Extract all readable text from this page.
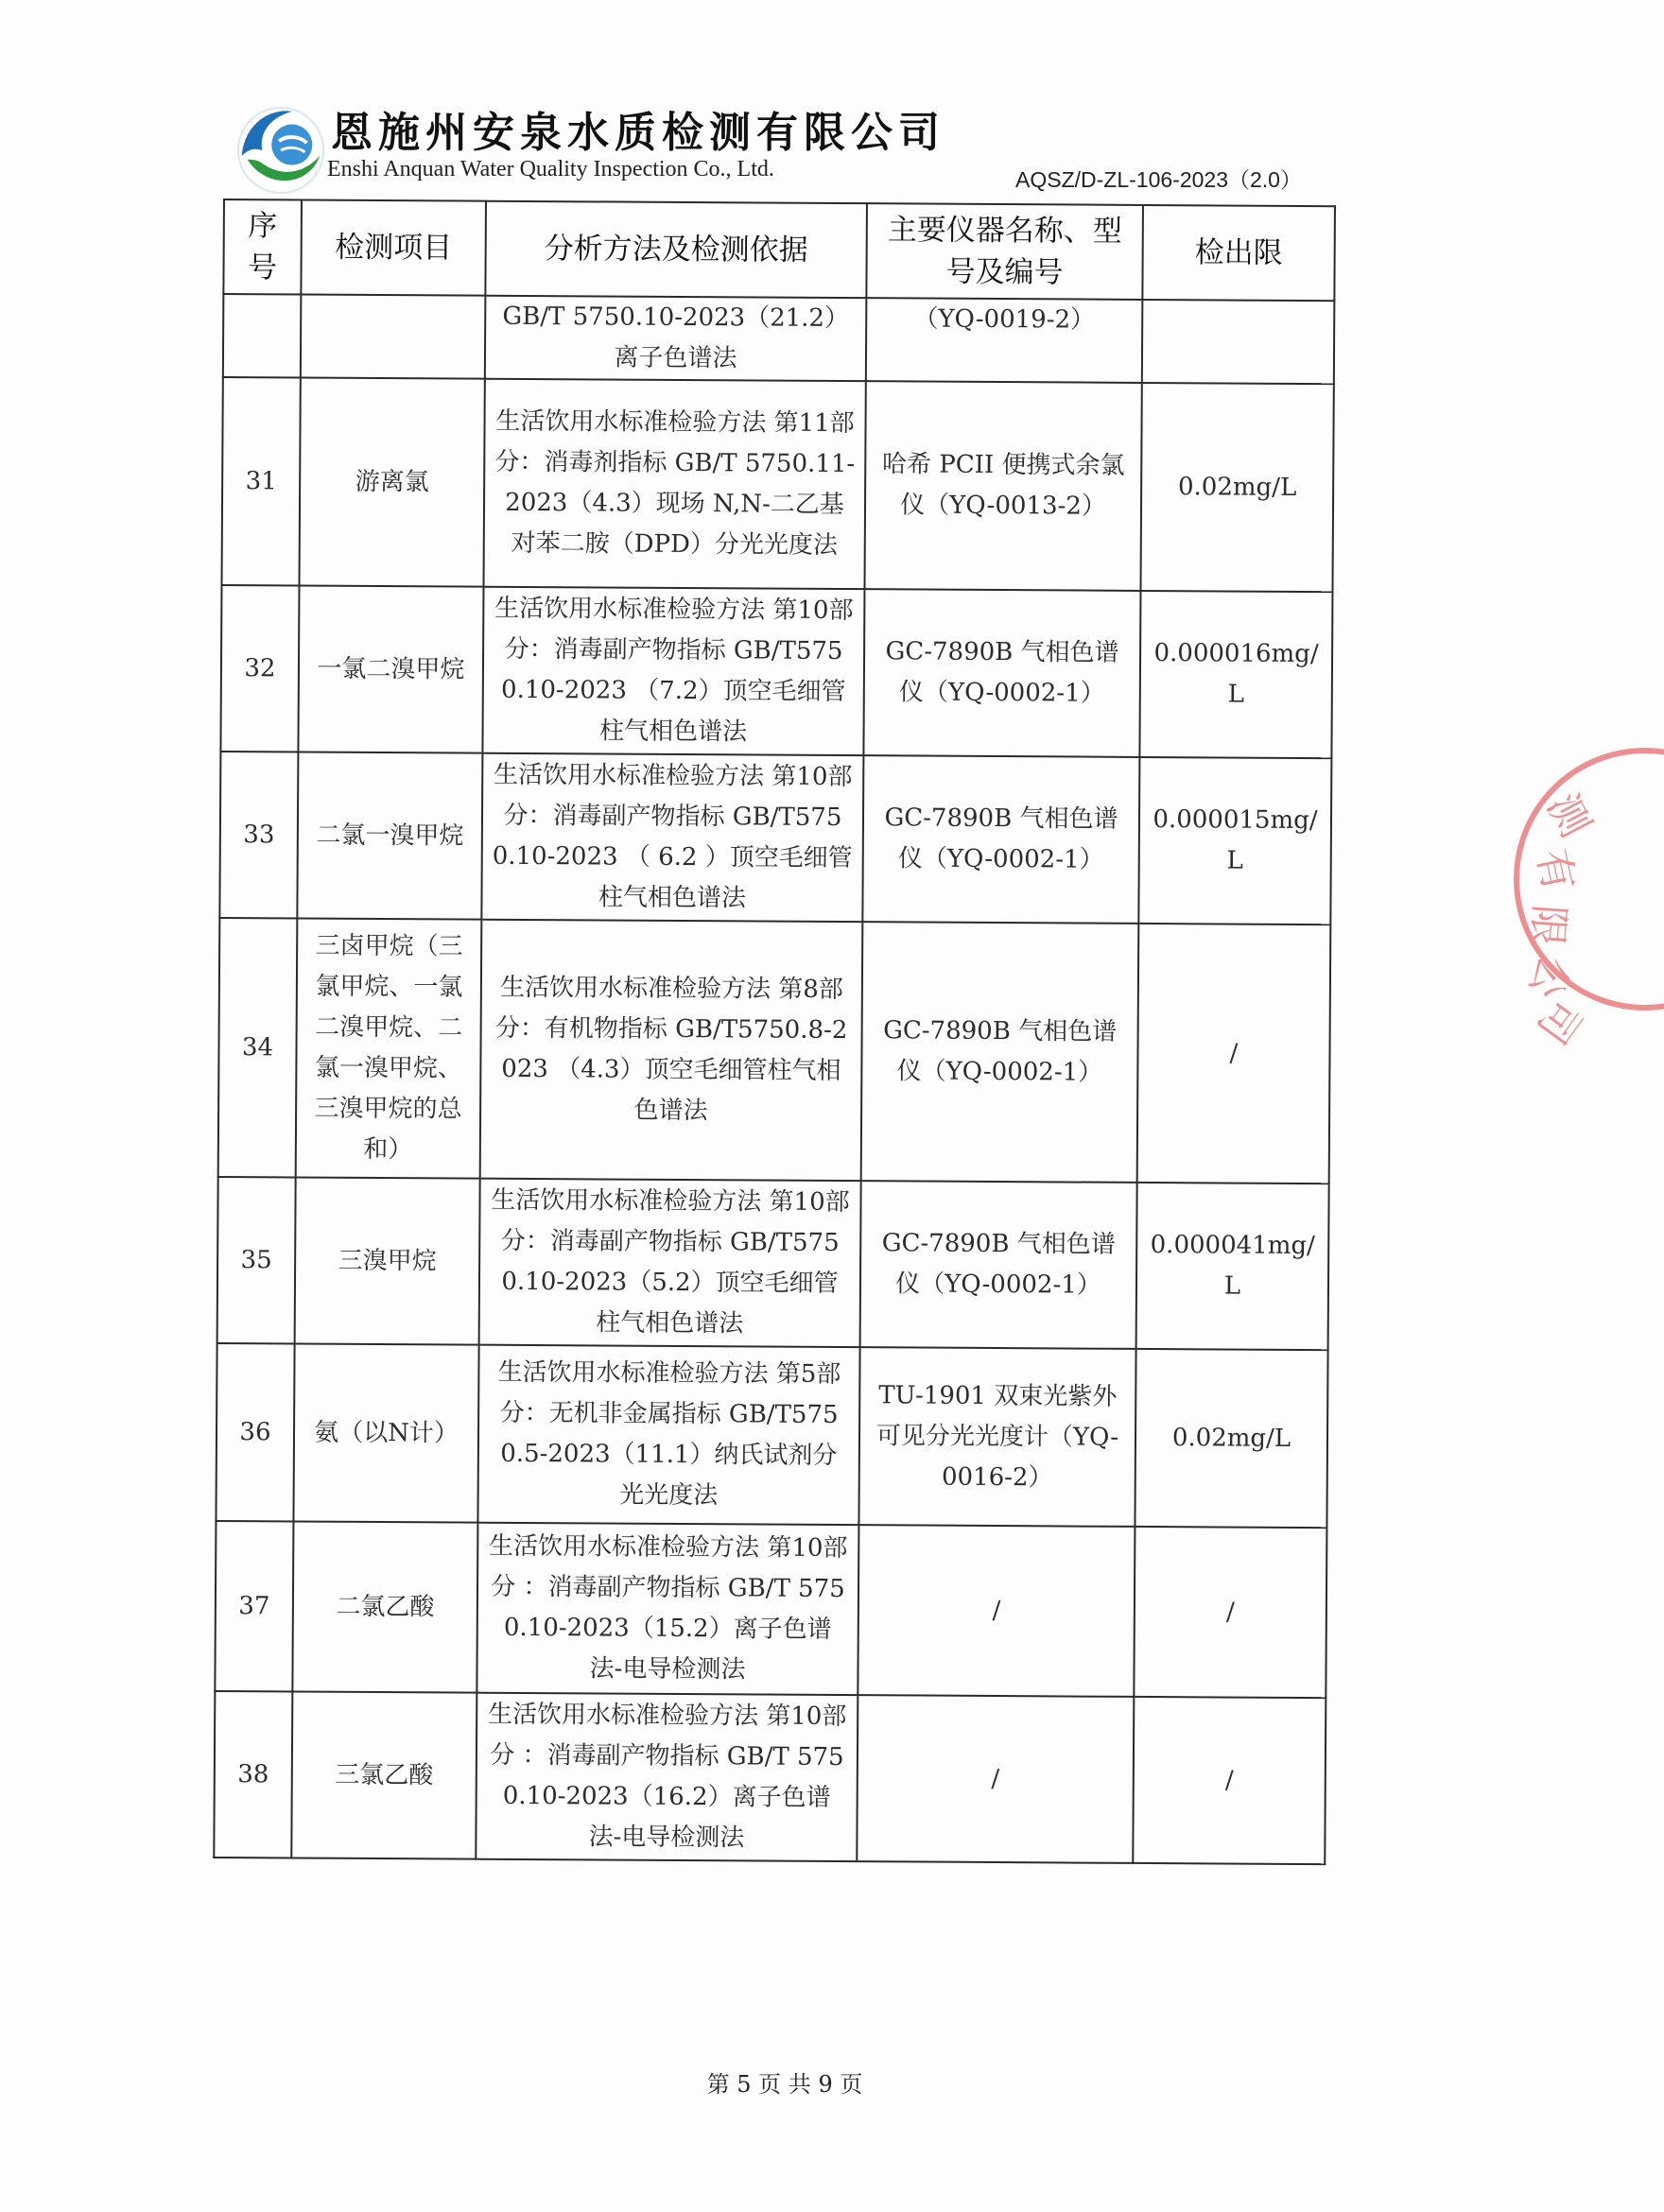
恩施州安泉水质检测有限公司
Enshi Anquan Water Quality Inspection Co., Ltd.	AQSZ/D-ZL-106-2023（2.0）
序号	检测项目	分析方法及检测依据	主要仪器名称、型号及编号	检出限
		GB/T 5750.10-2023（21.2）离子色谱法	（YQ-0019-2）	
31	游离氯	生活饮用水标准检验方法 第11部分：消毒剂指标 GB/T 5750.11-2023（4.3）现场 N,N-二乙基对苯二胺（DPD）分光光度法	哈希 PCII 便携式余氯仪（YQ-0013-2）	0.02mg/L
32	一氯二溴甲烷	生活饮用水标准检验方法 第10部分：消毒副产物指标 GB/T5750.10-2023 （7.2）顶空毛细管柱气相色谱法	GC-7890B 气相色谱仪（YQ-0002-1）	0.000016mg/L
33	二氯一溴甲烷	生活饮用水标准检验方法 第10部分：消毒副产物指标 GB/T5750.10-2023 （ 6.2 ）顶空毛细管柱气相色谱法	GC-7890B 气相色谱仪（YQ-0002-1）	0.000015mg/L
34	三卤甲烷（三氯甲烷、一氯二溴甲烷、二氯一溴甲烷、三溴甲烷的总和）	生活饮用水标准检验方法 第8部分：有机物指标 GB/T5750.8-2023 （4.3）顶空毛细管柱气相色谱法	GC-7890B 气相色谱仪（YQ-0002-1）	/
35	三溴甲烷	生活饮用水标准检验方法 第10部分：消毒副产物指标 GB/T5750.10-2023（5.2）顶空毛细管柱气相色谱法	GC-7890B 气相色谱仪（YQ-0002-1）	0.000041mg/L
36	氨（以N计）	生活饮用水标准检验方法 第5部分：无机非金属指标 GB/T5750.5-2023（11.1）纳氏试剂分光光度法	TU-1901 双束光紫外可见分光光度计（YQ-0016-2）	0.02mg/L
37	二氯乙酸	生活饮用水标准检验方法 第10部分 ：消毒副产物指标 GB/T 5750.10-2023（15.2）离子色谱法-电导检测法	/	/
38	三氯乙酸	生活饮用水标准检验方法 第10部分 ：消毒副产物指标 GB/T 5750.10-2023（16.2）离子色谱法-电导检测法	/	/
第 5 页 共 9 页
测
有
限
公
司
